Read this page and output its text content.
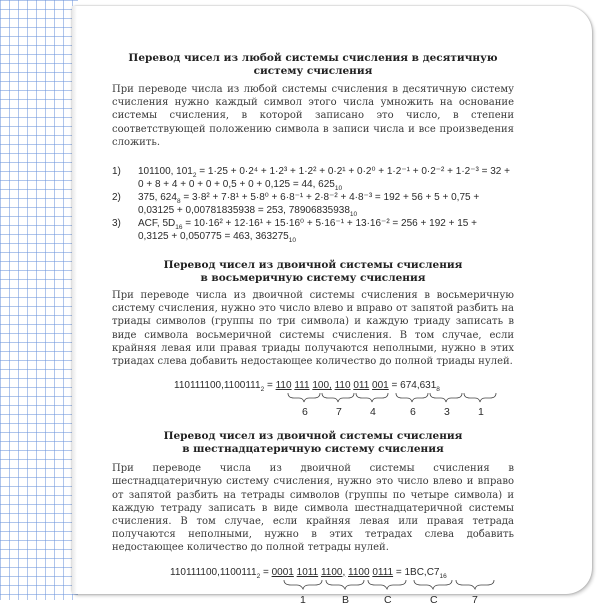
Перевод чисел из любой системы счисления в десятичную систему счисления

При переводе числа из любой системы счисления в десятичную систему счисления нужно каждый символ этого числа умножить на основание системы счисления, в которой записано это число, в степени соответствующей положению символа в записи числа и все произведения сложить.

1)	101100, $101_2 = 1\cdot 25 + 0\cdot 2^4 + 1\cdot 2^3 + 1\cdot 2^2 + 0\cdot 2^1 + 0\cdot 2^0 + 1\cdot 2^{-1} + 0\cdot 2^{-2} + 1\cdot 2^{-3} = 32$ +
0 + 8 + 4 + 0 + 0 + 0,5 + 0 + 0,125 = 44, $625_{10}$
2)	375, $624_8 = 3\cdot 8^2 + 7\cdot 8^1 + 5\cdot 8^0 + 6\cdot 8^{-1} + 2\cdot 8^{-2} + 4\cdot 8^{-3} = 192 + 56 + 5 + 0,75$ +
0,03125 + 0,00781835938 = 253, $78906835938_{10}$
3)	ACF, $5D_{16} = 10\cdot 16^2 + 12\cdot 16^1 + 15\cdot 16^0 + 5\cdot 16^{-1} + 13\cdot 16^{-2} = 256 + 192 + 15$ +
0,3125 + 0,050775 = 463, $363275_{10}$

Перевод чисел из двоичной системы счисления

в восьмеричную систему счисления

При переводе числа из двоичной системы счисления в восьмеричную систему счисления, нужно это число влево и вправо от запятой разбить на триады символов (группы по три символа) и каждую триаду записать в виде символа восьмеричной системы счисления. В том случае, если крайняя левая или правая триады получаются неполными, нужно в этих триадах слева добавить недостающее количество до полной триады нулей.

$110111100,1100111_2 = 110$ 111 100, 110 011 $001 = 674,631_8$
6	7	4	6	3	1

Перевод чисел из двоичной системы счисления

в шестнадцатеричную систему счисления

При переводе числа из двоичной системы счисления в шестнадцатеричную систему счисления, нужно это число влево и вправо от запятой разбить на тетрады символов (группы по четыре символа) и каждую тетраду записать в виде символа шестнадцатеричной системы счисления. В том случае, если крайняя левая или правая тетрада получаются неполными, нужно в этих тетрадах слева добавить недостающее количество до полной тетрады нулей.

$110111100,1100111_2 = 0001$ 1011 1100, 1100 $0111 = 1BC,C7_{16}$
1	B	C	C	7
